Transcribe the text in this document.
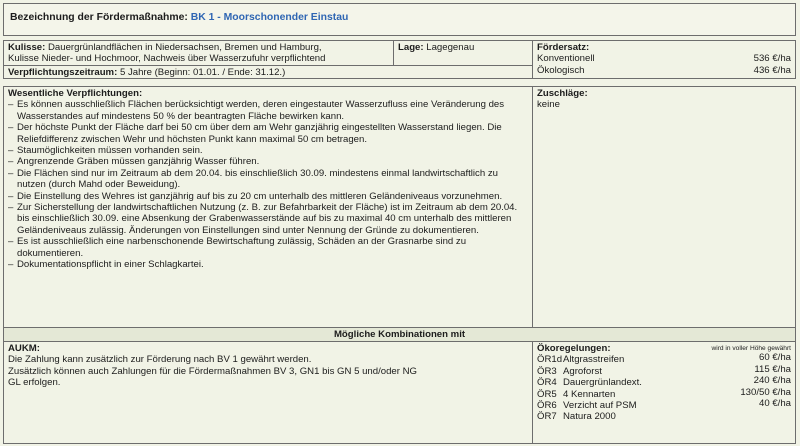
Bezeichnung der Fördermaßnahme: BK 1 - Moorschonender Einstau
Kulisse: Dauergrünlandflächen in Niedersachsen, Bremen und Hamburg,
Kulisse Nieder- und Hochmoor, Nachweis über Wasserzufuhr verpflichtend
Lage: Lagegenau
Verpflichtungszeitraum: 5 Jahre (Beginn: 01.01. / Ende: 31.12.)
Fördersatz:
Konventionell	536 €/ha
Ökologisch	436 €/ha
Wesentliche Verpflichtungen:
– Es können ausschließlich Flächen berücksichtigt werden, deren eingestauter Wasserzufluss eine Veränderung des Wasserstandes auf mindestens 50 % der beantragten Fläche bewirken kann.
– Der höchste Punkt der Fläche darf bei 50 cm über dem am Wehr ganzjährig eingestellten Wasserstand liegen. Die Reliefdifferenz zwischen Wehr und höchsten Punkt kann maximal 50 cm betragen.
– Staumöglichkeiten müssen vorhanden sein.
– Angrenzende Gräben müssen ganzjährig Wasser führen.
– Die Flächen sind nur im Zeitraum ab dem 20.04. bis einschließlich 30.09. mindestens einmal landwirtschaftlich zu nutzen (durch Mahd oder Beweidung).
– Die Einstellung des Wehres ist ganzjährig auf bis zu 20 cm unterhalb des mittleren Geländeniveaus vorzunehmen.
– Zur Sicherstellung der landwirtschaftlichen Nutzung (z. B. zur Befahrbarkeit der Fläche) ist im Zeitraum ab dem 20.04. bis einschließlich 30.09. eine Absenkung der Grabenwasserstände auf bis zu maximal 40 cm unterhalb des mittleren Geländeniveaus zulässig. Änderungen von Einstellungen sind unter Nennung der Gründe zu dokumentieren.
– Es ist ausschließlich eine narbenschonende Bewirtschaftung zulässig, Schäden an der Grasnarbe sind zu dokumentieren.
– Dokumentationspflicht in einer Schlagkartei.
Zuschläge:
keine
Mögliche Kombinationen mit
AUKM:
Die Zahlung kann zusätzlich zur Förderung nach BV 1 gewährt werden.
Zusätzlich können auch Zahlungen für die Fördermaßnahmen BV 3, GN1 bis GN 5 und/oder NG GL erfolgen.
Ökoregelungen:
ÖR1d Altgrasstreifen
ÖR3 Agroforst
ÖR4 Dauergrünlandext.
ÖR5 4 Kennarten
ÖR6 Verzicht auf PSM
ÖR7 Natura 2000
wird in voller Höhe gewährt
60 €/ha
115 €/ha
240 €/ha
130/50 €/ha
40 €/ha
